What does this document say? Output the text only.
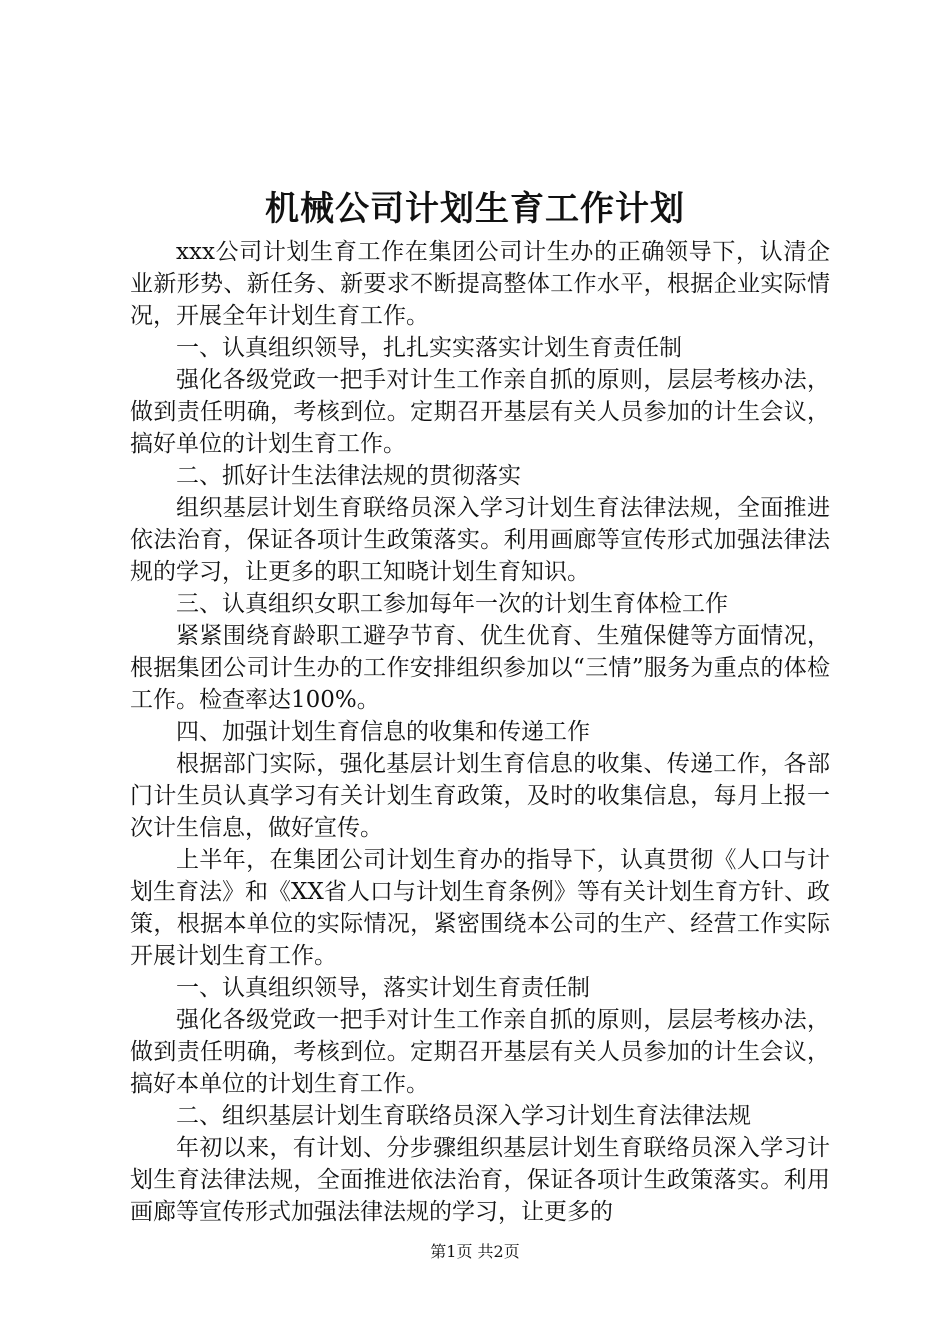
机械公司计划生育工作计划

xxx公司计划生育工作在集团公司计生办的正确领导下，认清企业新形势、新任务、新要求不断提高整体工作水平，根据企业实际情况，开展全年计划生育工作。

一、认真组织领导，扎扎实实落实计划生育责任制

强化各级党政一把手对计生工作亲自抓的原则，层层考核办法，做到责任明确，考核到位。定期召开基层有关人员参加的计生会议，搞好单位的计划生育工作。

二、抓好计生法律法规的贯彻落实

组织基层计划生育联络员深入学习计划生育法律法规，全面推进依法治育，保证各项计生政策落实。利用画廊等宣传形式加强法律法规的学习，让更多的职工知晓计划生育知识。

三、认真组织女职工参加每年一次的计划生育体检工作

紧紧围绕育龄职工避孕节育、优生优育、生殖保健等方面情况，根据集团公司计生办的工作安排组织参加以“三情”服务为重点的体检工作。检查率达100%。

四、加强计划生育信息的收集和传递工作

根据部门实际，强化基层计划生育信息的收集、传递工作，各部门计生员认真学习有关计划生育政策，及时的收集信息，每月上报一次计生信息，做好宣传。

上半年，在集团公司计划生育办的指导下，认真贯彻《人口与计划生育法》和《XX省人口与计划生育条例》等有关计划生育方针、政策，根据本单位的实际情况，紧密围绕本公司的生产、经营工作实际开展计划生育工作。

一、认真组织领导，落实计划生育责任制

强化各级党政一把手对计生工作亲自抓的原则，层层考核办法，做到责任明确，考核到位。定期召开基层有关人员参加的计生会议，搞好本单位的计划生育工作。

二、组织基层计划生育联络员深入学习计划生育法律法规

年初以来，有计划、分步骤组织基层计划生育联络员深入学习计划生育法律法规，全面推进依法治育，保证各项计生政策落实。利用画廊等宣传形式加强法律法规的学习，让更多的

第1页 共2页
